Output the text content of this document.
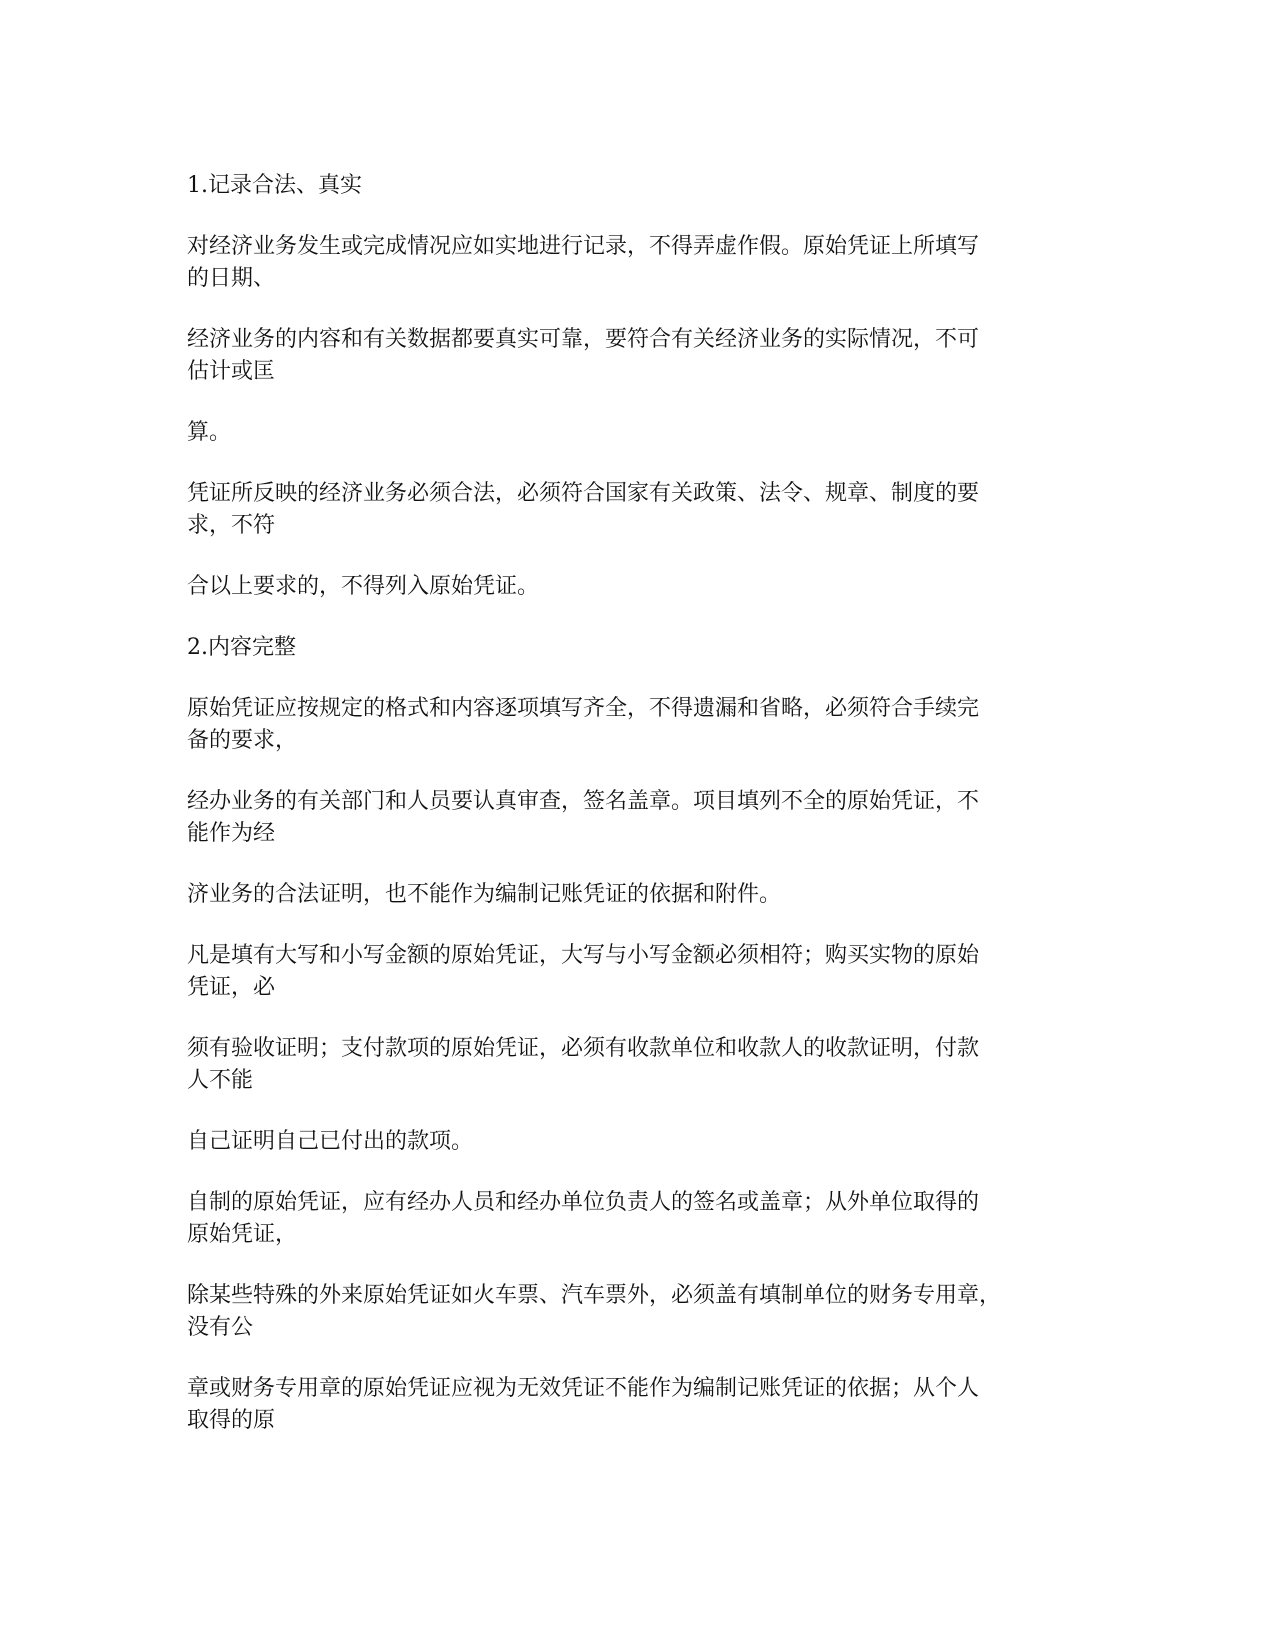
1.记录合法、真实

对经济业务发生或完成情况应如实地进行记录，不得弄虚作假。原始凭证上所填写
的日期、

经济业务的内容和有关数据都要真实可靠，要符合有关经济业务的实际情况，不可
估计或匡

算。

凭证所反映的经济业务必须合法，必须符合国家有关政策、法令、规章、制度的要
求，不符

合以上要求的，不得列入原始凭证。

2.内容完整

原始凭证应按规定的格式和内容逐项填写齐全，不得遗漏和省略，必须符合手续完
备的要求，

经办业务的有关部门和人员要认真审查，签名盖章。项目填列不全的原始凭证，不
能作为经

济业务的合法证明，也不能作为编制记账凭证的依据和附件。

凡是填有大写和小写金额的原始凭证，大写与小写金额必须相符；购买实物的原始
凭证，必

须有验收证明；支付款项的原始凭证，必须有收款单位和收款人的收款证明，付款
人不能

自己证明自己已付出的款项。

自制的原始凭证，应有经办人员和经办单位负责人的签名或盖章；从外单位取得的
原始凭证，

除某些特殊的外来原始凭证如火车票、汽车票外，必须盖有填制单位的财务专用章，
没有公

章或财务专用章的原始凭证应视为无效凭证不能作为编制记账凭证的依据；从个人
取得的原
